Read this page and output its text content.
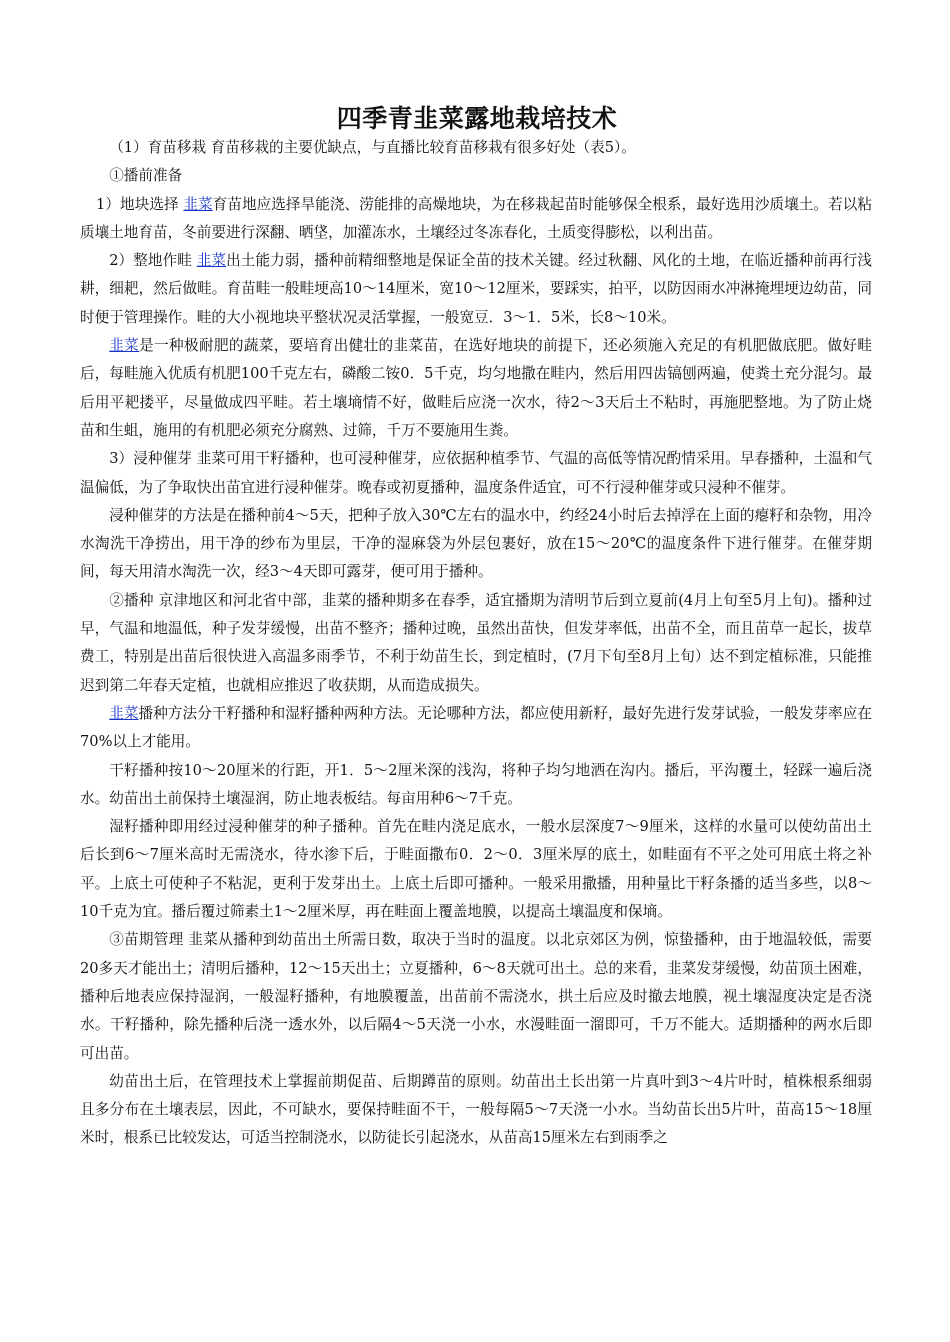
四季青韭菜露地栽培技术

（1）育苗移栽 育苗移栽的主要优缺点，与直播比较育苗移栽有很多好处（表5）。

①播前准备

1）地块选择 韭菜育苗地应选择旱能浇、涝能排的高燥地块，为在移栽起苗时能够保全根系，最好选用沙质壤土。若以粘质壤土地育苗，冬前要进行深翻、晒垡，加灌冻水，土壤经过冬冻春化，土质变得膨松，以利出苗。

2）整地作畦 韭菜出土能力弱，播种前精细整地是保证全苗的技术关键。经过秋翻、风化的土地，在临近播种前再行浅耕，细耙，然后做畦。育苗畦一般畦埂高10～14厘米，宽10～12厘米，要踩实，拍平，以防因雨水冲淋掩埋埂边幼苗，同时便于管理操作。畦的大小视地块平整状况灵活掌握，一般宽豆．3～1．5米，长8～10米。

韭菜是一种极耐肥的蔬菜，要培育出健壮的韭菜苗，在选好地块的前提下，还必须施入充足的有机肥做底肥。做好畦后，每畦施入优质有机肥100千克左右，磷酸二铵0．5千克，均匀地撒在畦内，然后用四齿镐刨两遍，使粪土充分混匀。最后用平耙搂平，尽量做成四平畦。若土壤墒情不好，做畦后应浇一次水，待2～3天后土不粘时，再施肥整地。为了防止烧苗和生蛆，施用的有机肥必须充分腐熟、过筛，千万不要施用生粪。

3）浸种催芽 韭菜可用干籽播种，也可浸种催芽，应依据种植季节、气温的高低等情况酌情采用。早春播种，土温和气温偏低，为了争取快出苗宜进行浸种催芽。晚春或初夏播种，温度条件适宜，可不行浸种催芽或只浸种不催芽。

浸种催芽的方法是在播种前4～5天，把种子放入30℃左右的温水中，约经24小时后去掉浮在上面的瘪籽和杂物，用冷水淘洗干净捞出，用干净的纱布为里层，干净的湿麻袋为外层包裹好，放在15～20℃的温度条件下进行催芽。在催芽期间，每天用清水淘洗一次，经3～4天即可露芽，便可用于播种。

②播种 京津地区和河北省中部，韭菜的播种期多在春季，适宜播期为清明节后到立夏前(4月上旬至5月上旬)。播种过早，气温和地温低，种子发芽缓慢，出苗不整齐；播种过晚，虽然出苗快，但发芽率低，出苗不全，而且苗草一起长，拔草费工，特别是出苗后很快进入高温多雨季节，不利于幼苗生长，到定植时，(7月下旬至8月上旬）达不到定植标准，只能推迟到第二年春天定植，也就相应推迟了收获期，从而造成损失。

韭菜播种方法分干籽播种和湿籽播种两种方法。无论哪种方法，都应使用新籽，最好先进行发芽试验，一般发芽率应在70%以上才能用。

干籽播种按10～20厘米的行距，开1．5～2厘米深的浅沟，将种子均匀地洒在沟内。播后，平沟覆土，轻踩一遍后浇水。幼苗出土前保持土壤湿润，防止地表板结。每亩用种6～7千克。

湿籽播种即用经过浸种催芽的种子播种。首先在畦内浇足底水，一般水层深度7～9厘米，这样的水量可以使幼苗出土后长到6～7厘米高时无需浇水，待水渗下后，于畦面撒布0．2～0．3厘米厚的底土，如畦面有不平之处可用底土将之补平。上底土可使种子不粘泥，更利于发芽出土。上底土后即可播种。一般采用撒播，用种量比干籽条播的适当多些，以8～10千克为宜。播后覆过筛素土1～2厘米厚，再在畦面上覆盖地膜，以提高土壤温度和保墒。

③苗期管理 韭菜从播种到幼苗出土所需日数，取决于当时的温度。以北京郊区为例，惊蛰播种，由于地温较低，需要20多天才能出土；清明后播种，12～15天出土；立夏播种，6～8天就可出土。总的来看，韭菜发芽缓慢，幼苗顶土困难，播种后地表应保持湿润，一般湿籽播种，有地膜覆盖，出苗前不需浇水，拱土后应及时撤去地膜，视土壤湿度决定是否浇水。干籽播种，除先播种后浇一透水外，以后隔4～5天浇一小水，水漫畦面一溜即可，千万不能大。适期播种的两水后即可出苗。

幼苗出土后，在管理技术上掌握前期促苗、后期蹲苗的原则。幼苗出土长出第一片真叶到3～4片叶时，植株根系细弱且多分布在土壤表层，因此，不可缺水，要保持畦面不干，一般每隔5～7天浇一小水。当幼苗长出5片叶，苗高15～18厘米时，根系已比较发达，可适当控制浇水，以防徒长引起浇水，从苗高15厘米左右到雨季之
